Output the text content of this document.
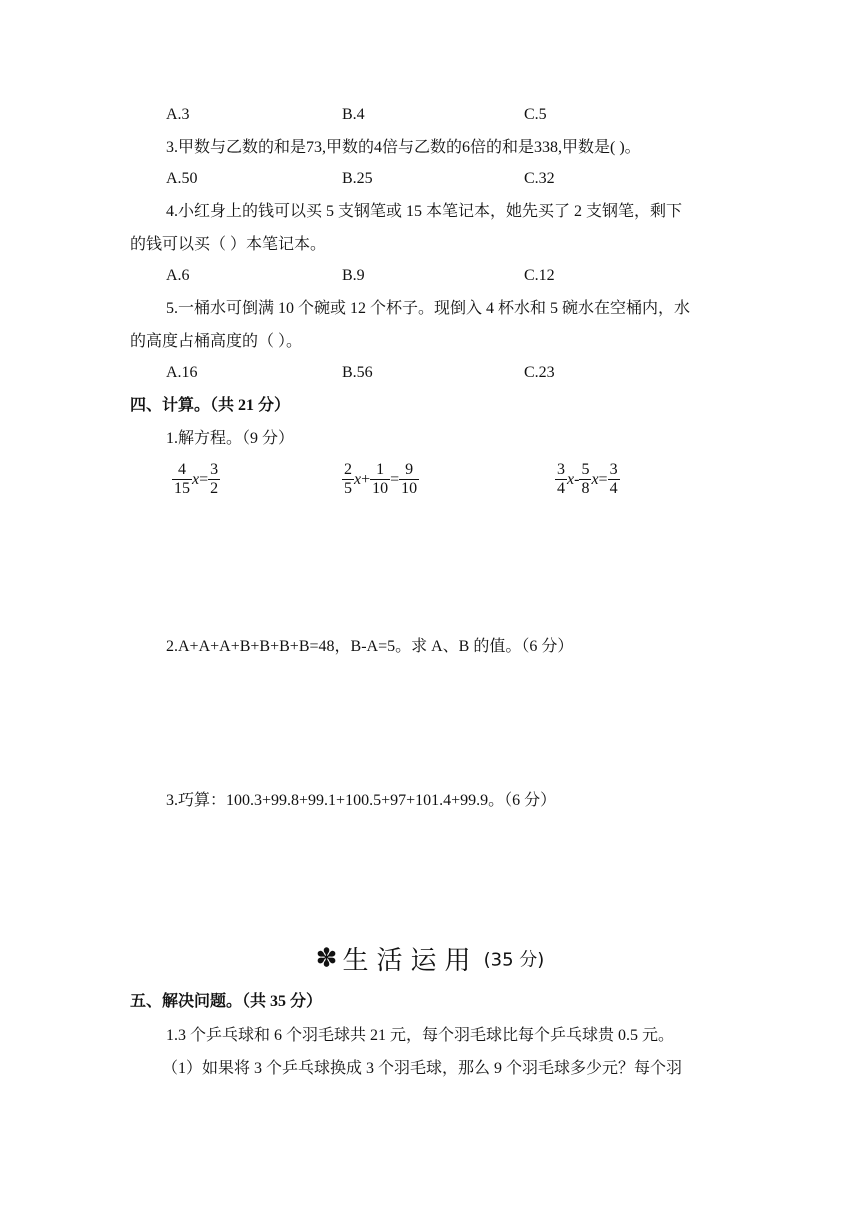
A.3	B.4	C.5
3.甲数与乙数的和是73,甲数的4倍与乙数的6倍的和是338,甲数是( )。
A.50	B.25	C.32
4.小红身上的钱可以买 5 支钢笔或 15 本笔记本，她先买了 2 支钢笔，剩下
的钱可以买（ ）本笔记本。
A.6	B.9	C.12
5.一桶水可倒满 10 个碗或 12 个杯子。现倒入 4 杯水和 5 碗水在空桶内，水
的高度占桶高度的（ ）。
A.16	B.56	C.23
四、计算。（共 21 分）
1.解方程。（9 分）
$\frac{4}{15}$ $x = \frac{3}{2}$	$\frac{2}{5}$ $x + \frac{1}{10} = \frac{9}{10}$	$\frac{3}{4}$ x - $\frac{5}{8}$ $x = \frac{3}{4}$
2.A+A+A+B+B+B+B=48，B-A=5。求 A、B 的值。（6 分）
3.巧算：100.3+99.8+99.1+100.5+97+101.4+99.9。（6 分）
✽ 生活运用 (35 分)
五、解决问题。（共 35 分）
1.3 个乒乓球和 6 个羽毛球共 21 元，每个羽毛球比每个乒乓球贵 0.5 元。
（1）如果将 3 个乒乓球换成 3 个羽毛球，那么 9 个羽毛球多少元？每个羽
